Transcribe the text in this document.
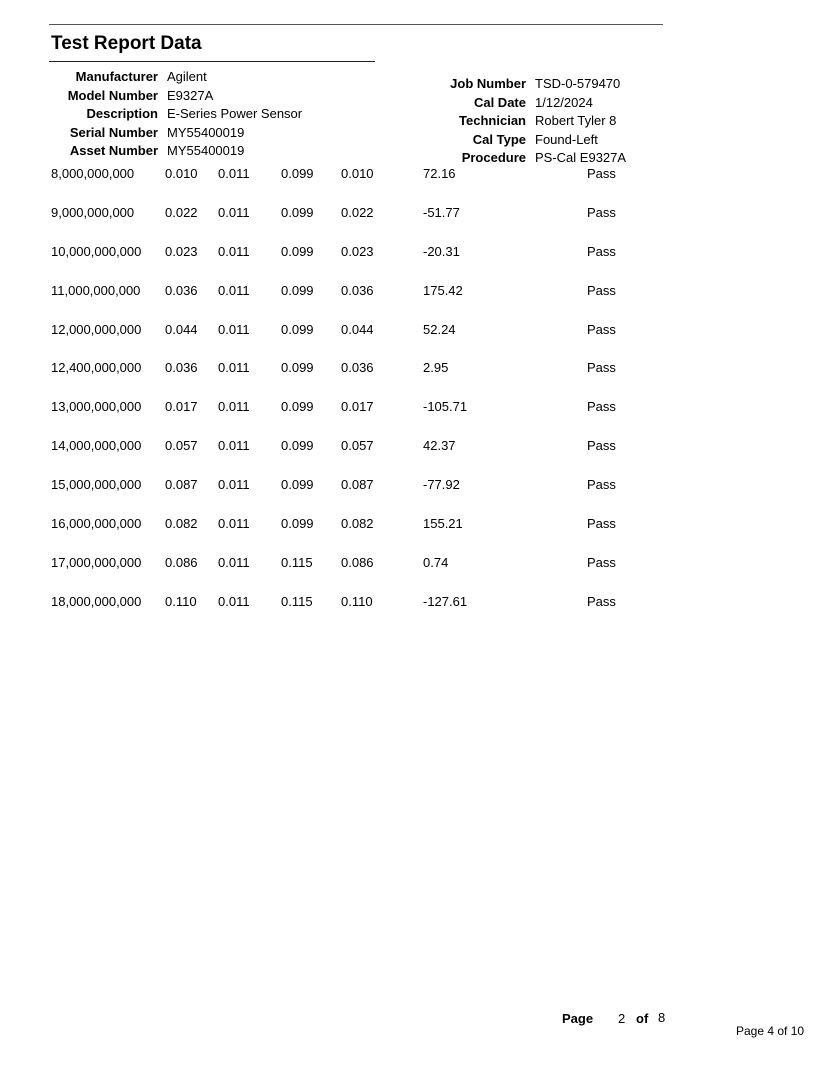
Test Report Data
Manufacturer Agilent
Model Number E9327A
Description E-Series Power Sensor
Serial Number MY55400019
Asset Number MY55400019
Job Number TSD-0-579470
Cal Date 1/12/2024
Technician Robert Tyler 8
Cal Type Found-Left
Procedure PS-Cal E9327A
8,000,000,000 0.010 0.011 0.099 0.010	72.16	Pass
9,000,000,000 0.022 0.011 0.099 0.022	-51.77	Pass
10,000,000,000 0.023 0.011 0.099 0.023	-20.31	Pass
11,000,000,000 0.036 0.011 0.099 0.036	175.42	Pass
12,000,000,000 0.044 0.011 0.099 0.044	52.24	Pass
12,400,000,000 0.036 0.011 0.099 0.036	2.95	Pass
13,000,000,000 0.017 0.011 0.099 0.017	-105.71	Pass
14,000,000,000 0.057 0.011 0.099 0.057	42.37	Pass
15,000,000,000 0.087 0.011 0.099 0.087	-77.92	Pass
16,000,000,000 0.082 0.011 0.099 0.082	155.21	Pass
17,000,000,000 0.086 0.011 0.115 0.086	0.74	Pass
18,000,000,000 0.110 0.011 0.115 0.110	-127.61	Pass
Page 2 of 8
Page 4 of 10
